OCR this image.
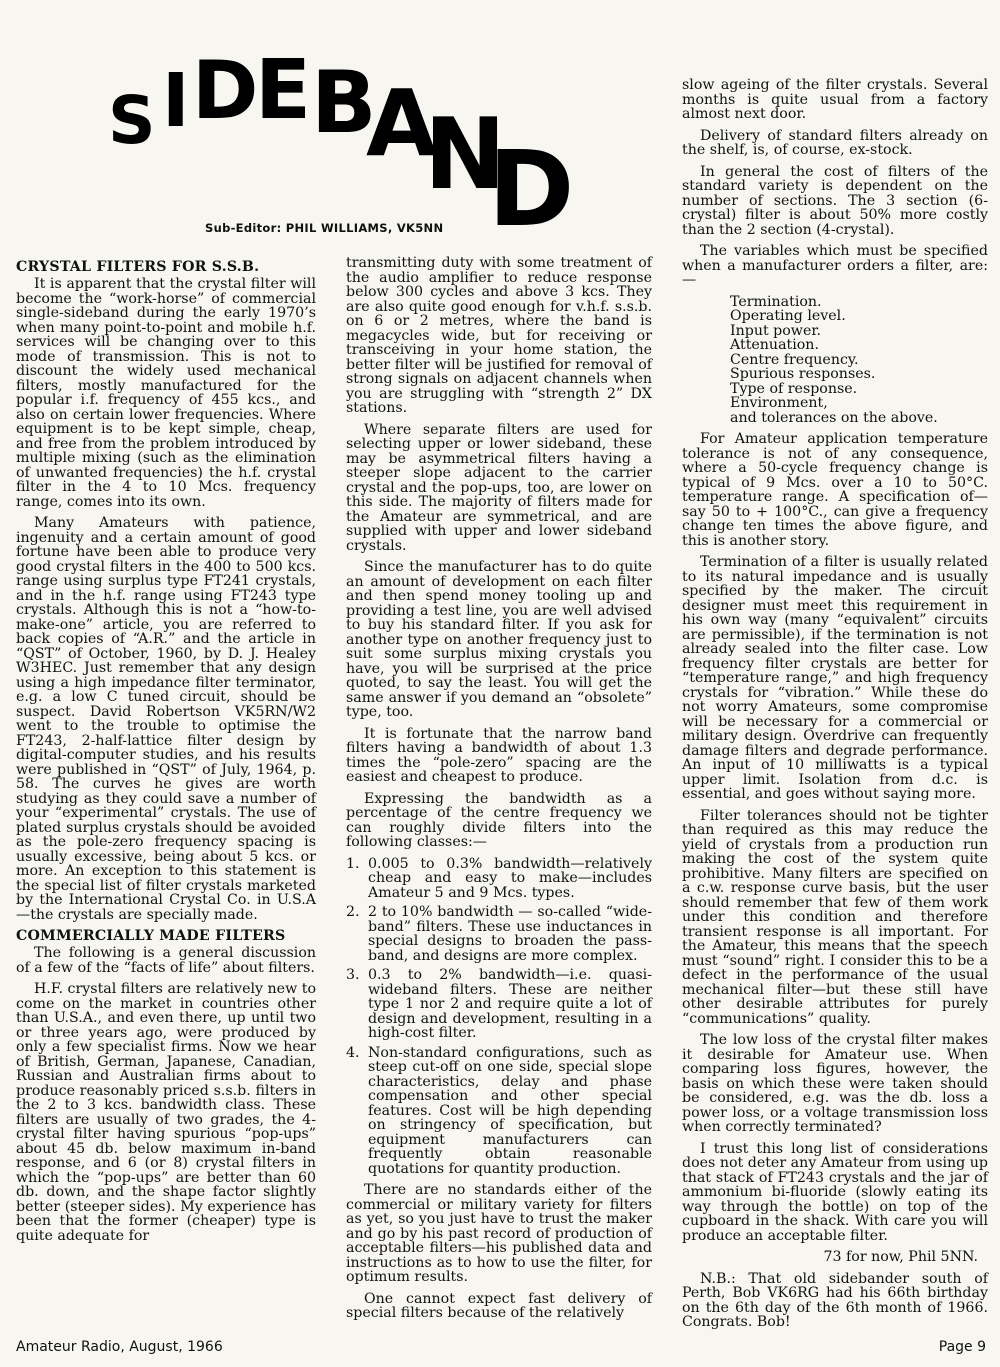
S I D
E B
A
N
D
Sub-Editor: PHIL WILLIAMS, VK5NN
CRYSTAL FILTERS FOR S.S.B.

It is apparent that the crystal filter will become the “work-horse” of commercial single-sideband during the early 1970’s when many point-to-point and mobile h.f. services will be changing over to this mode of transmission. This is not to discount the widely used mechanical filters, mostly manufactured for the popular i.f. frequency of 455 kcs., and also on certain lower frequencies. Where equipment is to be kept simple, cheap, and free from the problem introduced by multiple mixing (such as the elimination of unwanted frequencies) the h.f. crystal filter in the 4 to 10 Mcs. frequency range, comes into its own.

Many Amateurs with patience, ingenuity and a certain amount of good fortune have been able to produce very good crystal filters in the 400 to 500 kcs. range using surplus type FT241 crystals, and in the h.f. range using FT243 type crystals. Although this is not a “how-to-make-one” article, you are referred to back copies of “A.R.” and the article in “QST” of October, 1960, by D. J. Healey W3HEC. Just remember that any design using a high impedance filter terminator, e.g. a low C tuned circuit, should be suspect. David Robertson VK5RN/W2 went to the trouble to optimise the FT243, 2-half-lattice filter design by digital-computer studies, and his results were published in “QST” of July, 1964, p. 58. The curves he gives are worth studying as they could save a number of your “experimental” crystals. The use of plated surplus crystals should be avoided as the pole-zero frequency spacing is usually excessive, being about 5 kcs. or more. An exception to this statement is the special list of filter crystals marketed by the International Crystal Co. in U.S.A —the crystals are specially made.

COMMERCIALLY MADE FILTERS

The following is a general discussion of a few of the “facts of life” about filters.

H.F. crystal filters are relatively new to come on the market in countries other than U.S.A., and even there, up until two or three years ago, were produced by only a few specialist firms. Now we hear of British, German, Japanese, Canadian, Russian and Australian firms about to produce reasonably priced s.s.b. filters in the 2 to 3 kcs. bandwidth class. These filters are usually of two grades, the 4-crystal filter having spurious “pop-ups” about 45 db. below maximum in-band response, and 6 (or 8) crystal filters in which the “pop-ups” are better than 60 db. down, and the shape factor slightly better (steeper sides). My experience has been that the former (cheaper) type is quite adequate for

transmitting duty with some treatment of the audio amplifier to reduce response below 300 cycles and above 3 kcs. They are also quite good enough for v.h.f. s.s.b. on 6 or 2 metres, where the band is megacycles wide, but for receiving or transceiving in your home station, the better filter will be justified for removal of strong signals on adjacent channels when you are struggling with “strength 2” DX stations.

Where separate filters are used for selecting upper or lower sideband, these may be asymmetrical filters having a steeper slope adjacent to the carrier crystal and the pop-ups, too, are lower on this side. The majority of filters made for the Amateur are symmetrical, and are supplied with upper and lower sideband crystals.

Since the manufacturer has to do quite an amount of development on each filter and then spend money tooling up and providing a test line, you are well advised to buy his standard filter. If you ask for another type on another frequency just to suit some surplus mixing crystals you have, you will be surprised at the price quoted, to say the least. You will get the same answer if you demand an “obsolete” type, too.

It is fortunate that the narrow band filters having a bandwidth of about 1.3 times the “pole-zero” spacing are the easiest and cheapest to produce.

Expressing the bandwidth as a percentage of the centre frequency we can roughly divide filters into the following classes:—

1. 0.005 to 0.3% bandwidth—relatively cheap and easy to make—includes Amateur 5 and 9 Mcs. types.
2. 2 to 10% bandwidth — so-called “wide-band” filters. These use inductances in special designs to broaden the pass-band, and designs are more complex.
3. 0.3 to 2% bandwidth—i.e. quasi-wideband filters. These are neither type 1 nor 2 and require quite a lot of design and development, resulting in a high-cost filter.
4. Non-standard configurations, such as steep cut-off on one side, special slope characteristics, delay and phase compensation and other special features. Cost will be high depending on stringency of specification, but equipment manufacturers can frequently obtain reasonable quotations for quantity production.

There are no standards either of the commercial or military variety for filters as yet, so you just have to trust the maker and go by his past record of production of acceptable filters—his published data and instructions as to how to use the filter, for optimum results.

One cannot expect fast delivery of special filters because of the relatively

slow ageing of the filter crystals. Several months is quite usual from a factory almost next door.

Delivery of standard filters already on the shelf, is, of course, ex-stock.

In general the cost of filters of the standard variety is dependent on the number of sections. The 3 section (6-crystal) filter is about 50% more costly than the 2 section (4-crystal).

The variables which must be specified when a manufacturer orders a filter, are:—

Termination.
Operating level.
Input power.
Attenuation.
Centre frequency.
Spurious responses.
Type of response.
Environment,
and tolerances on the above.

For Amateur application temperature tolerance is not of any consequence, where a 50-cycle frequency change is typical of 9 Mcs. over a 10 to 50°C. temperature range. A specification of— say 50 to + 100°C., can give a frequency change ten times the above figure, and this is another story.

Termination of a filter is usually related to its natural impedance and is usually specified by the maker. The circuit designer must meet this requirement in his own way (many “equivalent” circuits are permissible), if the termination is not already sealed into the filter case. Low frequency filter crystals are better for “temperature range,” and high frequency crystals for “vibration.” While these do not worry Amateurs, some compromise will be necessary for a commercial or military design. Overdrive can frequently damage filters and degrade performance. An input of 10 milliwatts is a typical upper limit. Isolation from d.c. is essential, and goes without saying more.

Filter tolerances should not be tighter than required as this may reduce the yield of crystals from a production run making the cost of the system quite prohibitive. Many filters are specified on a c.w. response curve basis, but the user should remember that few of them work under this condition and therefore transient response is all important. For the Amateur, this means that the speech must “sound” right. I consider this to be a defect in the performance of the usual mechanical filter—but these still have other desirable attributes for purely “communications” quality.

The low loss of the crystal filter makes it desirable for Amateur use. When comparing loss figures, however, the basis on which these were taken should be considered, e.g. was the db. loss a power loss, or a voltage transmission loss when correctly terminated?

I trust this long list of considerations does not deter any Amateur from using up that stack of FT243 crystals and the jar of ammonium bi-fluoride (slowly eating its way through the bottle) on top of the cupboard in the shack. With care you will produce an acceptable filter.

73 for now, Phil 5NN.

N.B.: That old sidebander south of Perth, Bob VK6RG had his 66th birthday on the 6th day of the 6th month of 1966. Congrats. Bob!

Amateur Radio, August, 1966	Page 9
